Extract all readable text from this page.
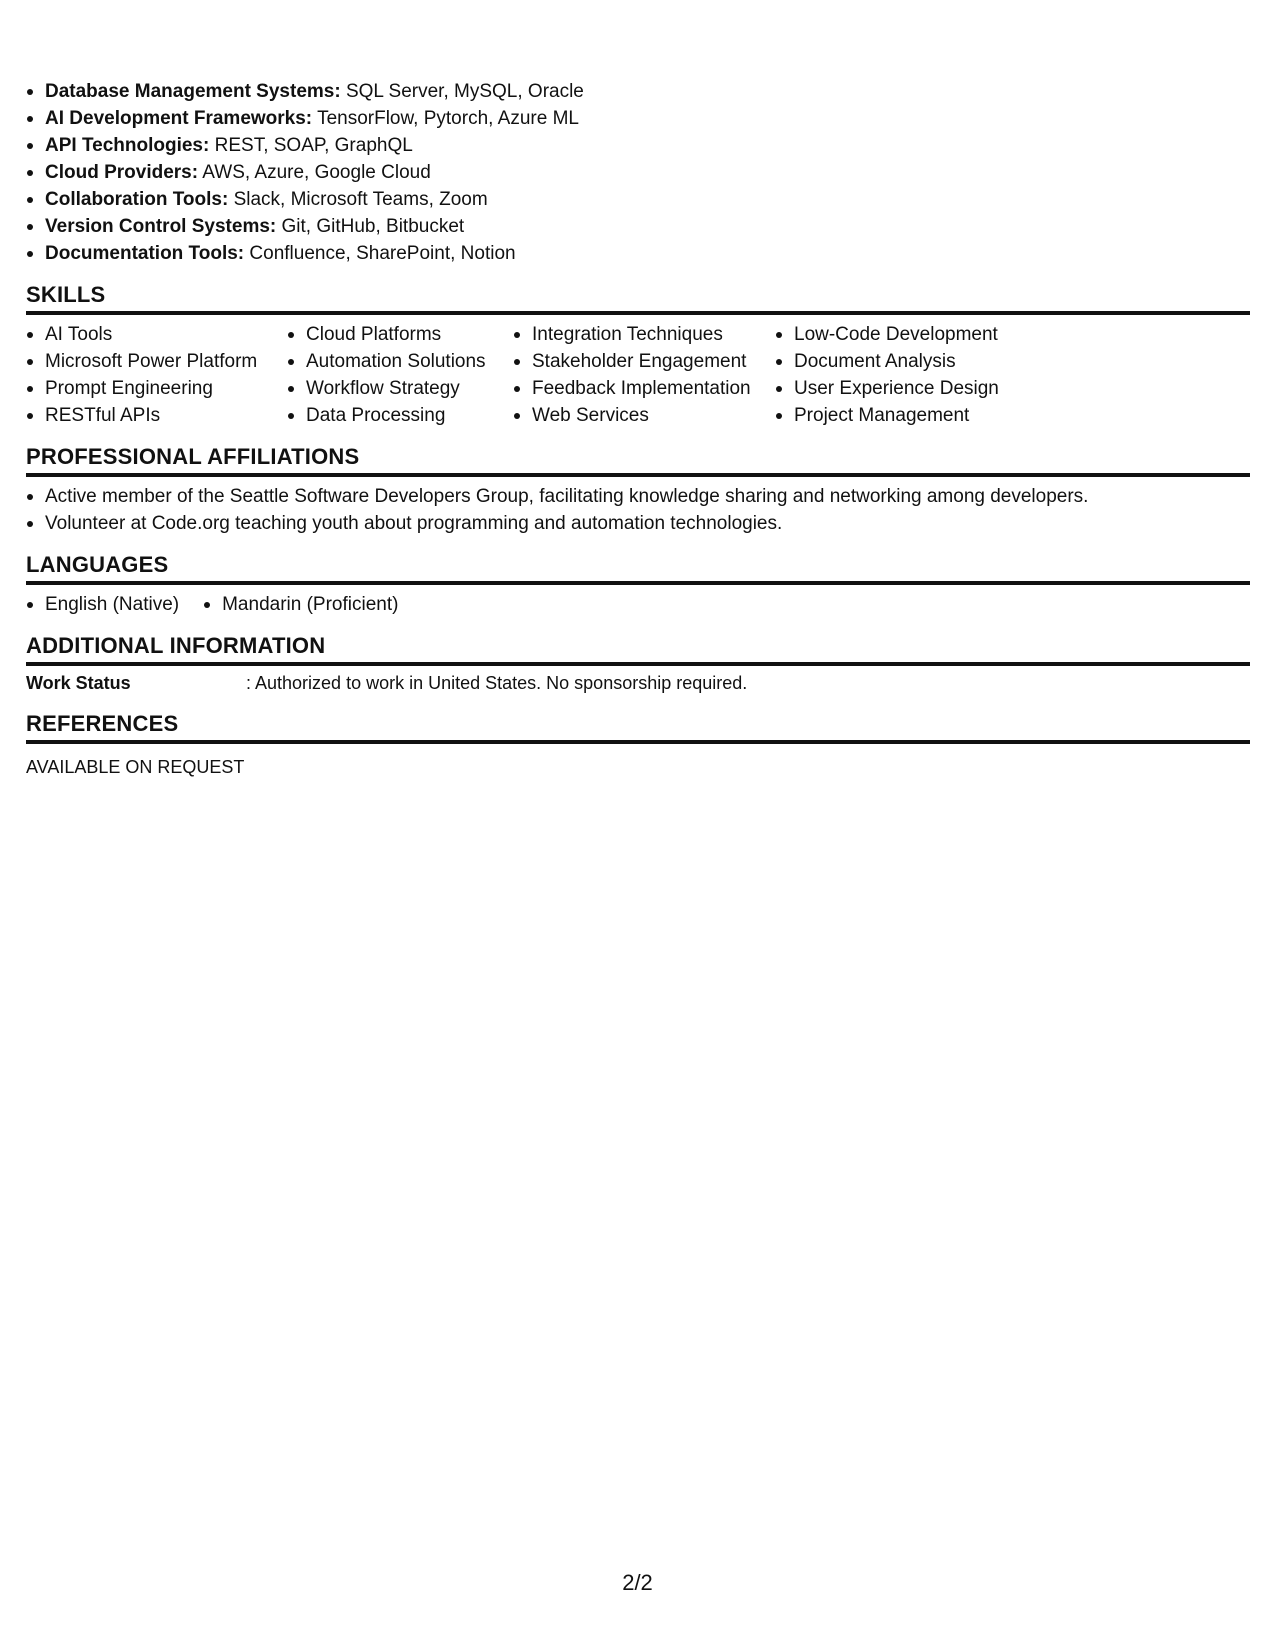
Database Management Systems: SQL Server, MySQL, Oracle
AI Development Frameworks: TensorFlow, Pytorch, Azure ML
API Technologies: REST, SOAP, GraphQL
Cloud Providers: AWS, Azure, Google Cloud
Collaboration Tools: Slack, Microsoft Teams, Zoom
Version Control Systems: Git, GitHub, Bitbucket
Documentation Tools: Confluence, SharePoint, Notion
SKILLS
AI Tools
Microsoft Power Platform
Prompt Engineering
RESTful APIs
Cloud Platforms
Automation Solutions
Workflow Strategy
Data Processing
Integration Techniques
Stakeholder Engagement
Feedback Implementation
Web Services
Low-Code Development
Document Analysis
User Experience Design
Project Management
PROFESSIONAL AFFILIATIONS
Active member of the Seattle Software Developers Group, facilitating knowledge sharing and networking among developers.
Volunteer at Code.org teaching youth about programming and automation technologies.
LANGUAGES
English (Native)	Mandarin (Proficient)
ADDITIONAL INFORMATION
Work Status	: Authorized to work in United States. No sponsorship required.
REFERENCES
AVAILABLE ON REQUEST
2/2
